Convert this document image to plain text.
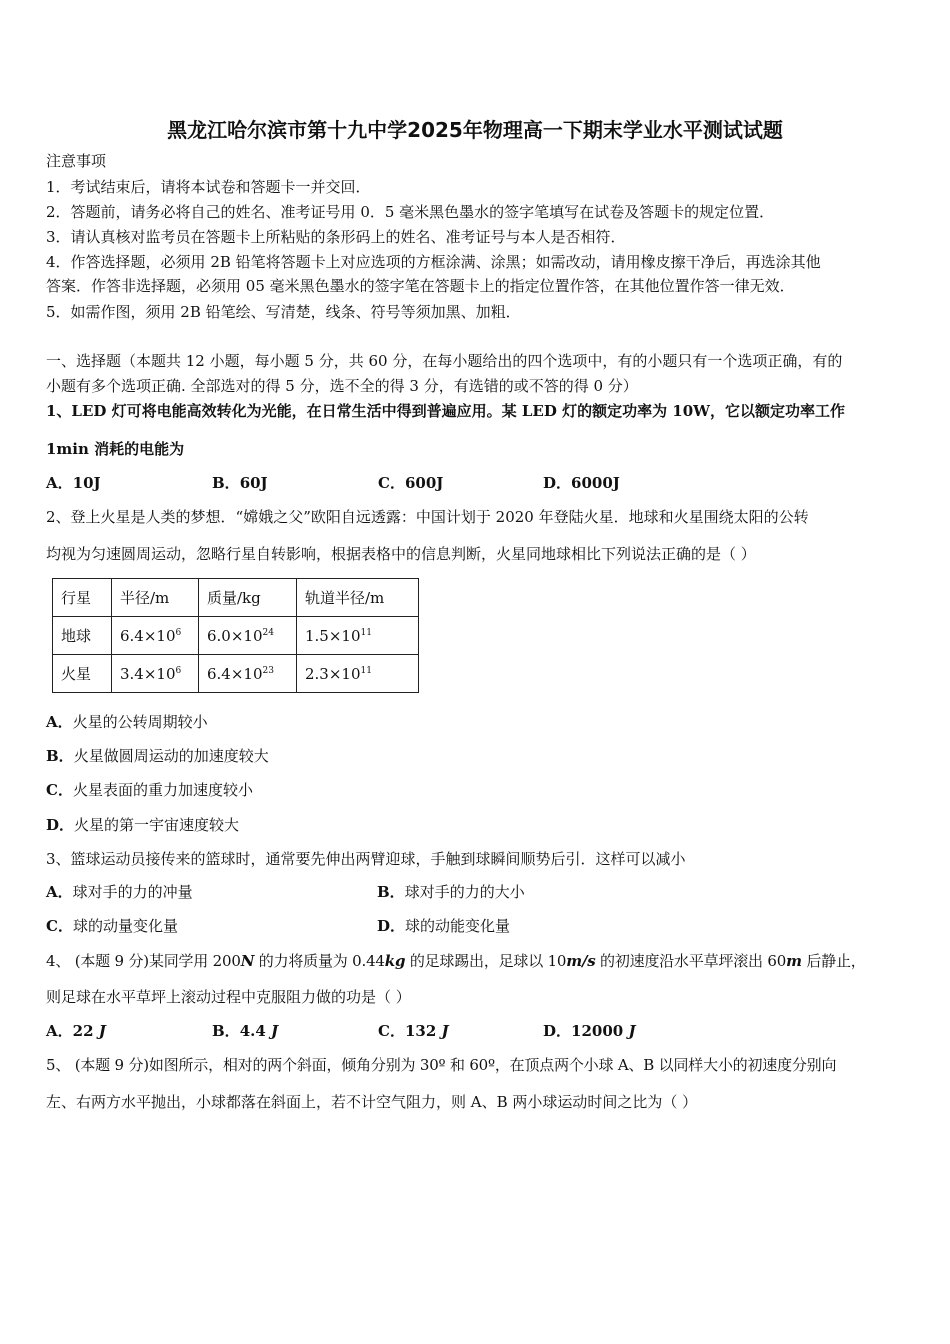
黑龙江哈尔滨市第十九中学2025年物理高一下期末学业水平测试试题
注意事项
1．考试结束后，请将本试卷和答题卡一并交回．
2．答题前，请务必将自己的姓名、准考证号用 0．5 毫米黑色墨水的签字笔填写在试卷及答题卡的规定位置．
3．请认真核对监考员在答题卡上所粘贴的条形码上的姓名、准考证号与本人是否相符．
4．作答选择题，必须用 2B 铅笔将答题卡上对应选项的方框涂满、涂黑；如需改动，请用橡皮擦干净后，再选涂其他
答案．作答非选择题，必须用 05 毫米黑色墨水的签字笔在答题卡上的指定位置作答，在其他位置作答一律无效．
5．如需作图，须用 2B 铅笔绘、写清楚，线条、符号等须加黑、加粗．
一、选择题（本题共 12 小题，每小题 5 分，共 60 分，在每小题给出的四个选项中，有的小题只有一个选项正确，有的
小题有多个选项正确. 全部选对的得 5 分，选不全的得 3 分，有选错的或不答的得 0 分）
1、LED 灯可将电能高效转化为光能，在日常生活中得到普遍应用。某 LED 灯的额定功率为 10W，它以额定功率工作
1min 消耗的电能为
A．10J	B．60J	C．600J	D．6000J
2、登上火星是人类的梦想．“嫦娥之父”欧阳自远透露：中国计划于 2020 年登陆火星．地球和火星围绕太阳的公转
均视为匀速圆周运动，忽略行星自转影响，根据表格中的信息判断，火星同地球相比下列说法正确的是（ ）
行星	半径/m	质量/kg	轨道半径/m
地球	$6.4\times 10^6$	$6.0\times 10^{24}$	$1.5\times 10^{11}$
火星	$3.4\times 10^6$	$6.4\times 10^{23}$	$2.3\times 10^{11}$
A．火星的公转周期较小
B．火星做圆周运动的加速度较大
C．火星表面的重力加速度较小
D．火星的第一宇宙速度较大
3、篮球运动员接传来的篮球时，通常要先伸出两臂迎球，手触到球瞬间顺势后引．这样可以减小
A．球对手的力的冲量	B．球对手的力的大小
C．球的动量变化量	D．球的动能变化量
4、 (本题 9 分)某同学用 200N 的力将质量为 0.44kg 的足球踢出，足球以 10m/s 的初速度沿水平草坪滚出 60m 后静止，
则足球在水平草坪上滚动过程中克服阻力做的功是（ ）
A．22 J	B．4.4 J	C．132 J	D．12000 J
5、 (本题 9 分)如图所示，相对的两个斜面，倾角分别为 30º 和 60º，在顶点两个小球 A、B 以同样大小的初速度分别向
左、右两方水平抛出，小球都落在斜面上，若不计空气阻力，则 A、B 两小球运动时间之比为（ ）
